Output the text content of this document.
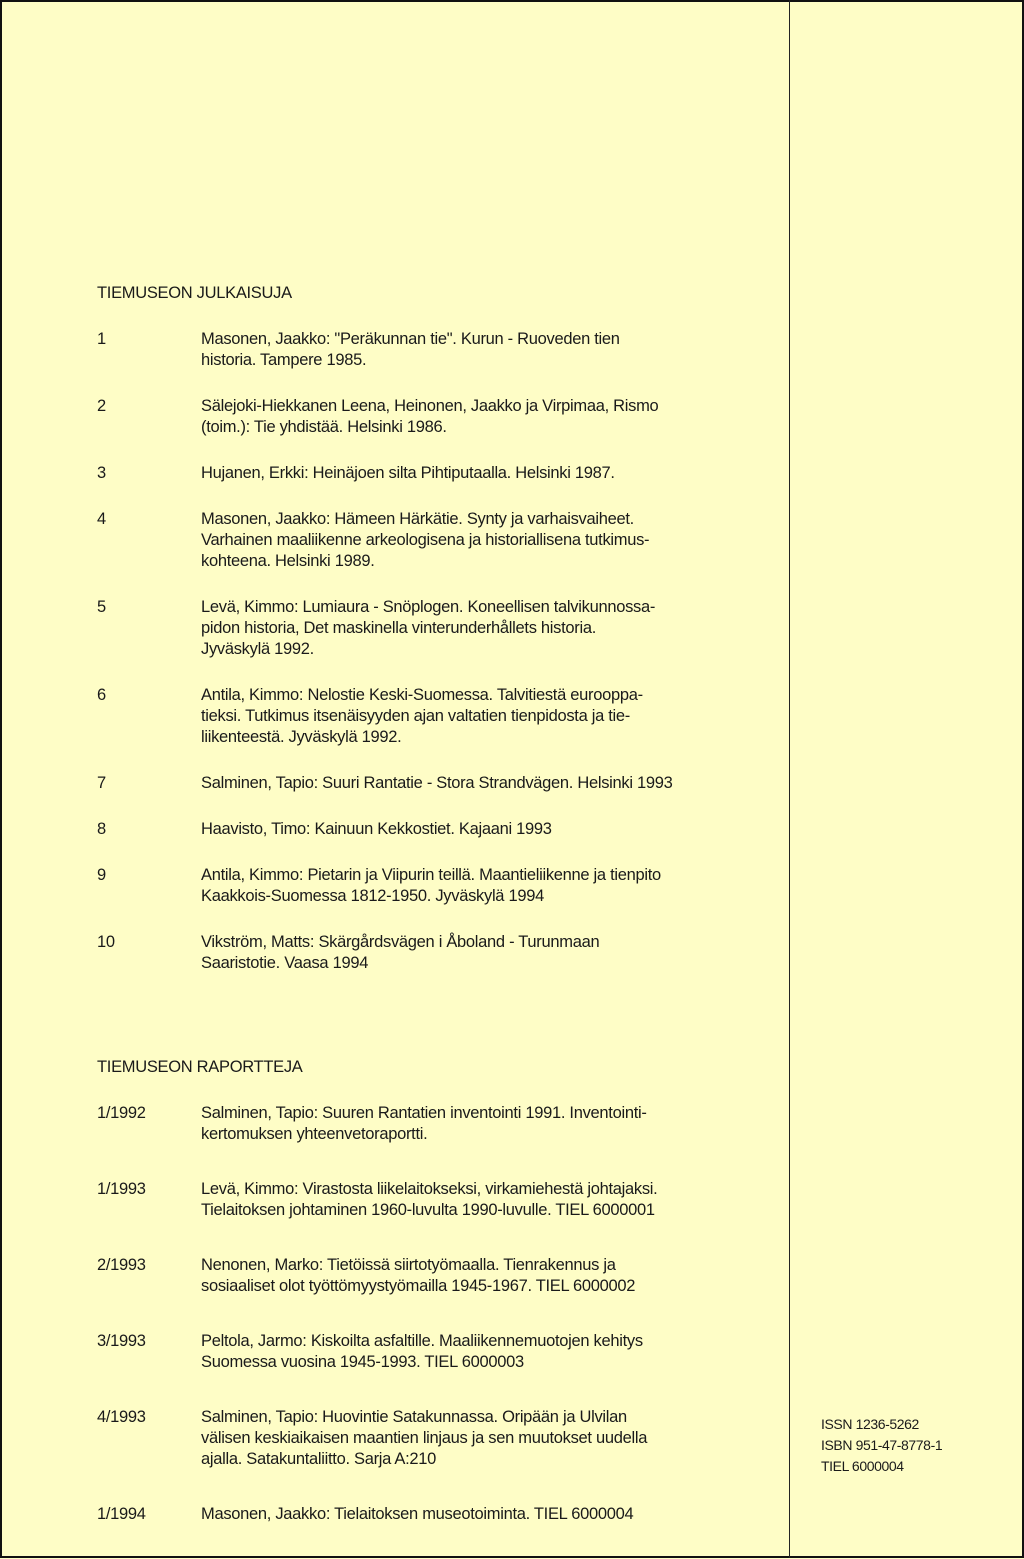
TIEMUSEON JULKAISUJA
1	Masonen, Jaakko: "Peräkunnan tie". Kurun - Ruoveden tien
historia. Tampere 1985.
2	Sälejoki-Hiekkanen Leena, Heinonen, Jaakko ja Virpimaa, Rismo
(toim.): Tie yhdistää. Helsinki 1986.
3	Hujanen, Erkki: Heinäjoen silta Pihtiputaalla. Helsinki 1987.
4	Masonen, Jaakko: Hämeen Härkätie. Synty ja varhaisvaiheet.
Varhainen maaliikenne arkeologisena ja historiallisena tutkimus-
kohteena. Helsinki 1989.
5	Levä, Kimmo: Lumiaura - Snöplogen. Koneellisen talvikunnossa-
pidon historia, Det maskinella vinterunderhållets historia.
Jyväskylä 1992.
6	Antila, Kimmo: Nelostie Keski-Suomessa. Talvitiestä eurooppa-
tieksi. Tutkimus itsenäisyyden ajan valtatien tienpidosta ja tie-
liikenteestä. Jyväskylä 1992.
7	Salminen, Tapio: Suuri Rantatie - Stora Strandvägen. Helsinki 1993
8	Haavisto, Timo: Kainuun Kekkostiet. Kajaani 1993
9	Antila, Kimmo: Pietarin ja Viipurin teillä. Maantieliikenne ja tienpito
Kaakkois-Suomessa 1812-1950. Jyväskylä 1994
10	Vikström, Matts: Skärgårdsvägen i Åboland - Turunmaan
Saaristotie. Vaasa 1994
TIEMUSEON RAPORTTEJA
1/1992	Salminen, Tapio: Suuren Rantatien inventointi 1991. Inventointi-
kertomuksen yhteenvetoraportti.
1/1993	Levä, Kimmo: Virastosta liikelaitokseksi, virkamiehestä johtajaksi.
Tielaitoksen johtaminen 1960-luvulta 1990-luvulle. TIEL 6000001
2/1993	Nenonen, Marko: Tietöissä siirtotyömaalla. Tienrakennus ja
sosiaaliset olot työttömyystyömailla 1945-1967. TIEL 6000002
3/1993	Peltola, Jarmo: Kiskoilta asfaltille. Maaliikennemuotojen kehitys
Suomessa vuosina 1945-1993. TIEL 6000003
4/1993	Salminen, Tapio: Huovintie Satakunnassa. Oripään ja Ulvilan
välisen keskiaikaisen maantien linjaus ja sen muutokset uudella
ajalla. Satakuntaliitto. Sarja A:210
1/1994	Masonen, Jaakko: Tielaitoksen museotoiminta. TIEL 6000004
ISSN 1236-5262
ISBN 951-47-8778-1
TIEL 6000004
